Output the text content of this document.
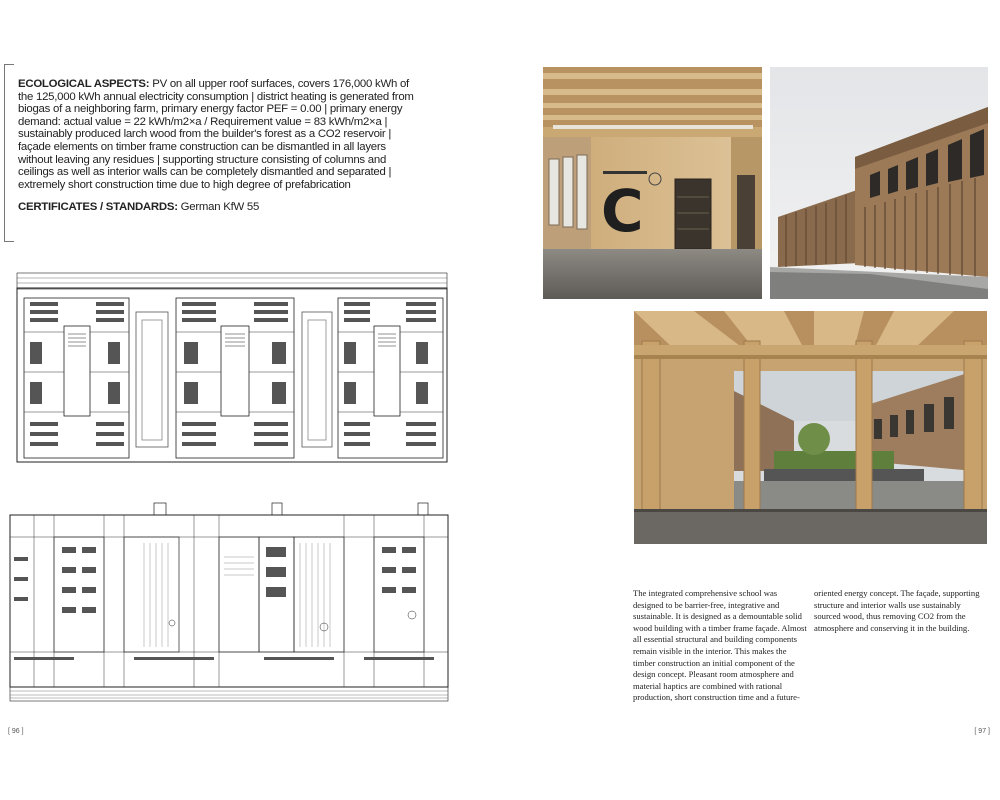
ECOLOGICAL ASPECTS: PV on all upper roof surfaces, covers 176,000 kWh of the 125,000 kWh annual electricity consumption | district heating is generated from biogas of a neighboring farm, primary energy factor PEF = 0.00 | primary energy demand: actual value = 22 kWh/m2×a / Requirement value = 83 kWh/m2×a | sustainably produced larch wood from the builder's forest as a CO2 reservoir | façade elements on timber frame construction can be dismantled in all layers without leaving any residues | supporting structure consisting of columns and ceilings as well as interior walls can be completely dismantled and separated | extremely short construction time due to high degree of prefabrication

CERTIFICATES / STANDARDS: German KfW 55	C
The integrated comprehensive school was designed to be barrier-free, integrative and sustainable. It is designed as a demountable solid wood building with a timber frame façade. Almost all essential structural and building components remain visible in the interior. This makes the timber construction an initial component of the design concept. Pleasant room atmosphere and material haptics are combined with rational production, short construction time and a future-
oriented energy concept. The façade, supporting structure and interior walls use sustainably sourced wood, thus removing CO2 from the atmosphere and conserving it in the building.
[ 96 ]	[ 97 ]
